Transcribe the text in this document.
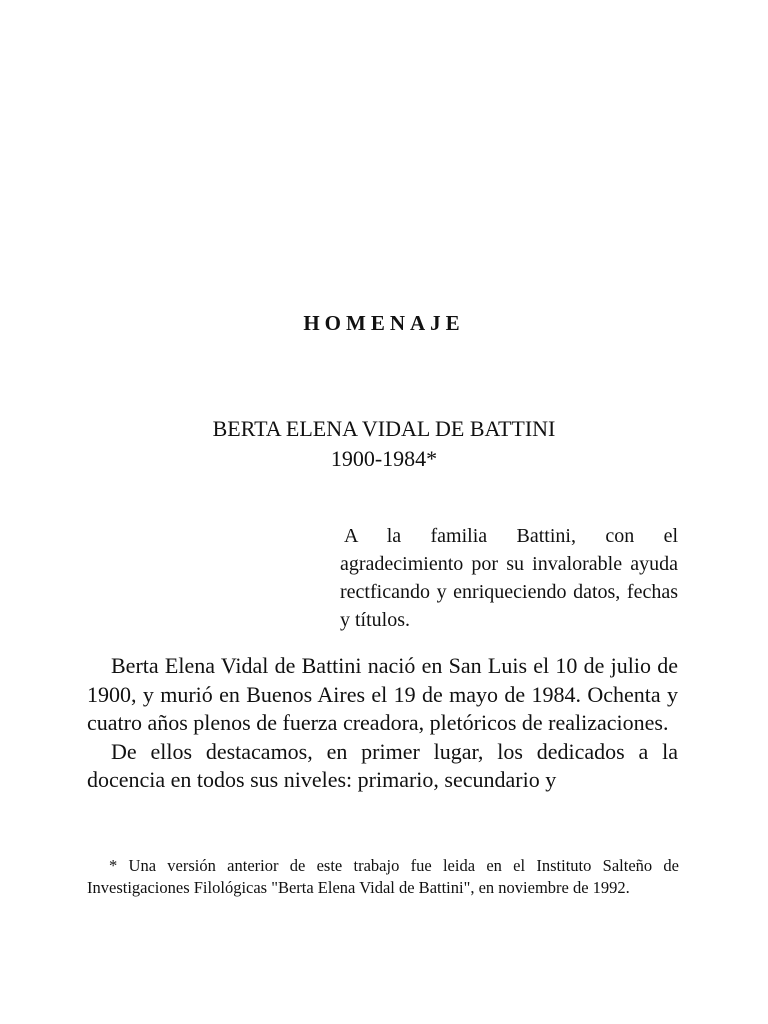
HOMENAJE
BERTA ELENA VIDAL DE BATTINI
1900-1984*
A la familia Battini, con el agradecimiento por su invalorable ayuda rectficando y enriqueciendo datos, fechas y títulos.

Berta Elena Vidal de Battini nació en San Luis el 10 de julio de 1900, y murió en Buenos Aires el 19 de mayo de 1984. Ochenta y cuatro años plenos de fuerza creadora, pletóricos de realizaciones.

De ellos destacamos, en primer lugar, los dedicados a la docencia en todos sus niveles: primario, secundario y

* Una versión anterior de este trabajo fue leida en el Instituto Salteño de Investigaciones Filológicas "Berta Elena Vidal de Battini", en noviembre de 1992.
